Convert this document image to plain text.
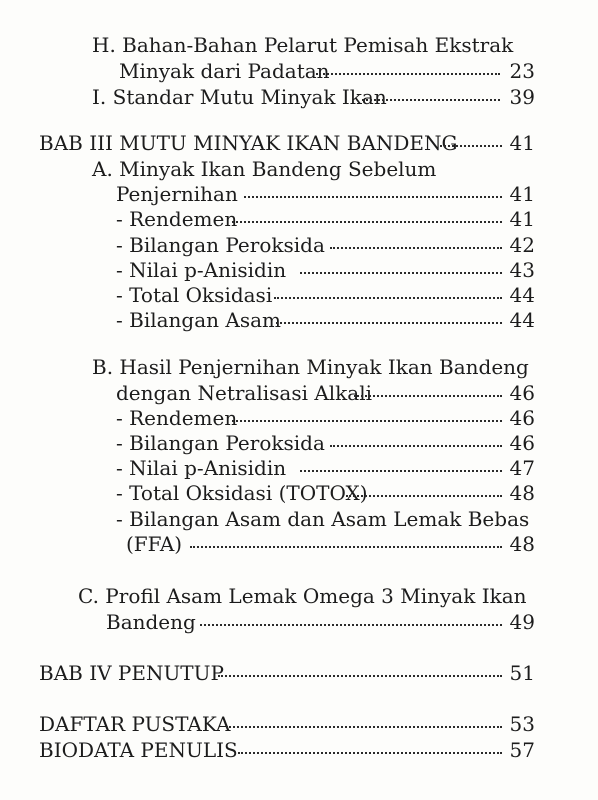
H. Bahan-Bahan Pelarut Pemisah Ekstrak
Minyak dari Padatan	23
I. Standar Mutu Minyak Ikan	39
BAB III MUTU MINYAK IKAN BANDENG	41
A. Minyak Ikan Bandeng Sebelum
Penjernihan	41
- Rendemen	41
- Bilangan Peroksida	42
- Nilai p-Anisidin	43
- Total Oksidasi	44
- Bilangan Asam	44
B. Hasil Penjernihan Minyak Ikan Bandeng
dengan Netralisasi Alkali	46
- Rendemen	46
- Bilangan Peroksida	46
- Nilai p-Anisidin	47
- Total Oksidasi (TOTOX)	48
- Bilangan Asam dan Asam Lemak Bebas
(FFA)	48
C. Profil Asam Lemak Omega 3 Minyak Ikan
Bandeng	49
BAB IV PENUTUP	51
DAFTAR PUSTAKA	53
BIODATA PENULIS	57
